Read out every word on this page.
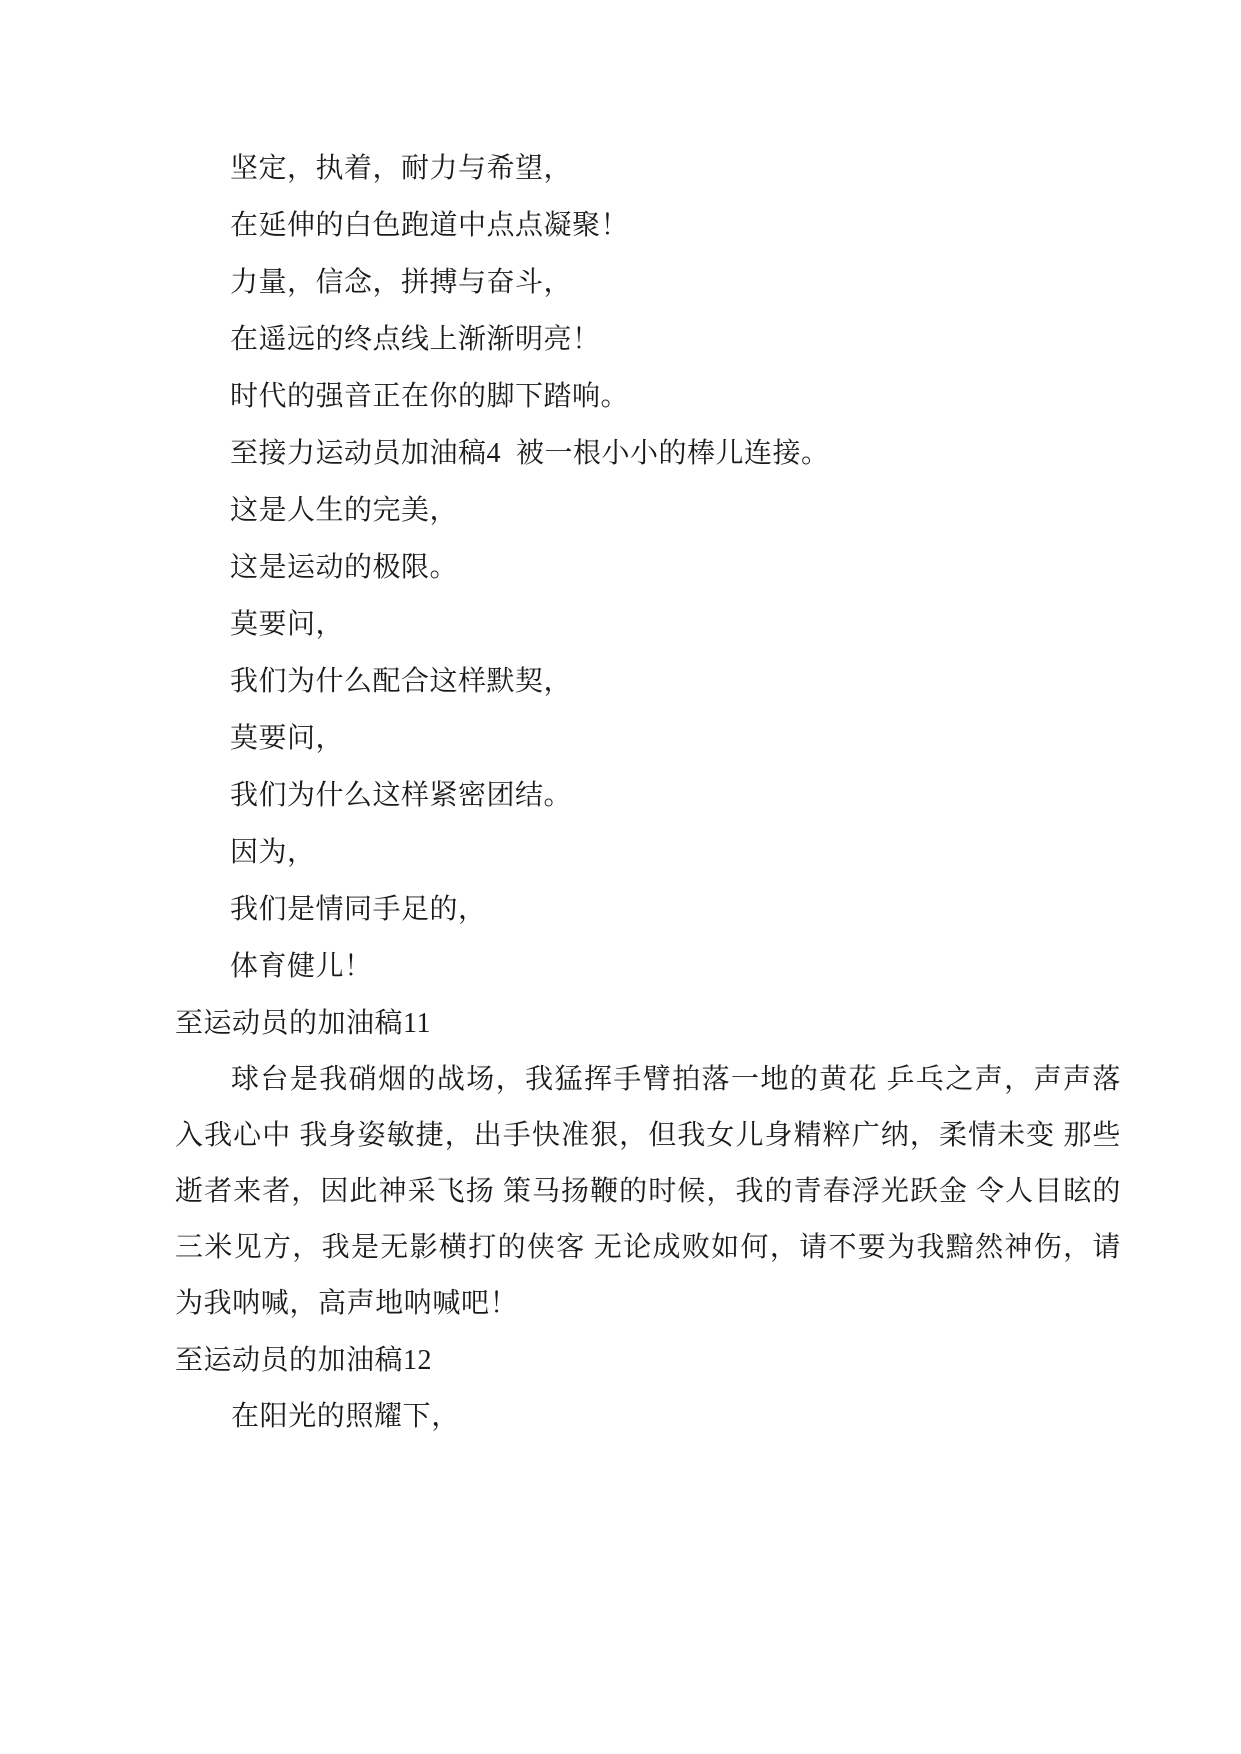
坚定，执着，耐力与希望，
在延伸的白色跑道中点点凝聚！
力量，信念，拼搏与奋斗，
在遥远的终点线上渐渐明亮！
时代的强音正在你的脚下踏响。
至接力运动员加油稿4  被一根小小的棒儿连接。
这是人生的完美，
这是运动的极限。
莫要问，
我们为什么配合这样默契，
莫要问，
我们为什么这样紧密团结。
因为，
我们是情同手足的，
体育健儿！
至运动员的加油稿11

球台是我硝烟的战场，我猛挥手臂拍落一地的黄花 乒乓之声，声声落入我心中 我身姿敏捷，出手快准狠，但我女儿身精粹广纳，柔情未变 那些逝者来者，因此神采飞扬 策马扬鞭的时候，我的青春浮光跃金 令人目眩的三米见方，我是无影横打的侠客 无论成败如何，请不要为我黯然神伤，请为我呐喊，高声地呐喊吧！

至运动员的加油稿12

在阳光的照耀下，
